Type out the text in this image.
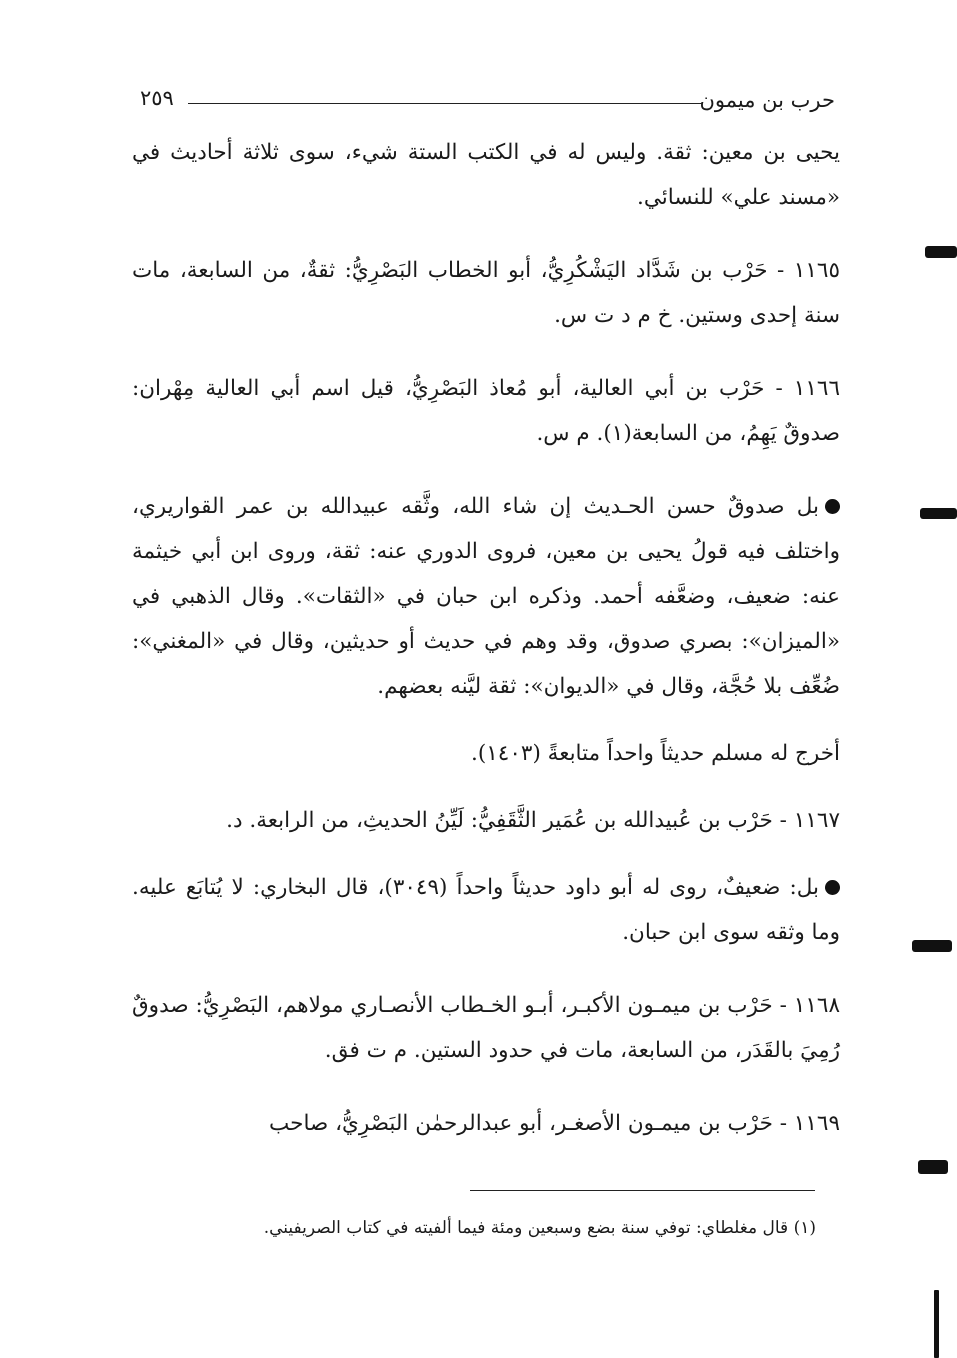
حرب بن ميمون
٢٥٩

يحيى بن معين: ثقة. وليس له في الكتب الستة شيء، سوى ثلاثة أحاديث في «مسند علي» للنسائي.

١١٦٥ - حَرْب بن شَدَّاد اليَشْكُرِيُّ، أبو الخطاب البَصْرِيُّ: ثقةٌ، من السابعة، مات سنة إحدى وستين. خ م د ت س.

١١٦٦ - حَرْب بن أبي العالية، أبو مُعاذ البَصْرِيُّ، قيل اسم أبي العالية مِهْران: صدوقٌ يَهِمُ، من السابعة(١). م س.

بل صدوقٌ حسن الحـديث إن شاء الله، وثَّقه عبيدالله بن عمر القواريري، واختلف فيه قولُ يحيى بن معين، فروى الدوري عنه: ثقة، وروى ابن أبي خيثمة عنه: ضعيف، وضعَّفه أحمد. وذكره ابن حبان في «الثقات». وقال الذهبي في «الميزان»: بصري صدوق، وقد وهم في حديث أو حديثين، وقال في «المغني»: ضُعِّف بلا حُجَّة، وقال في «الديوان»: ثقة ليَّنه بعضهم.

أخرج له مسلم حديثاً واحداً متابعةً (١٤٠٣).

١١٦٧ - حَرْب بن عُبيدالله بن عُمَير الثَّقَفِيُّ: لَيِّنُ الحديثِ، من الرابعة. د.

بل: ضعيفٌ، روى له أبو داود حديثاً واحداً (٣٠٤٩)، قال البخاري: لا يُتابَع عليه. وما وثقه سوى ابن حبان.

١١٦٨ - حَرْب بن ميمـون الأكبـر، أبـو الخـطاب الأنصـاري مولاهم، البَصْرِيُّ: صدوقٌ رُمِيَ بالقَدَر، من السابعة، مات في حدود الستين. م ت فق.

١١٦٩ - حَرْب بن ميمـون الأصغـر، أبو عبدالرحمٰن البَصْرِيُّ، صاحب

(١) قال مغلطاي: توفي سنة بضع وسبعين ومئة فيما ألفيته في كتاب الصريفيني.
